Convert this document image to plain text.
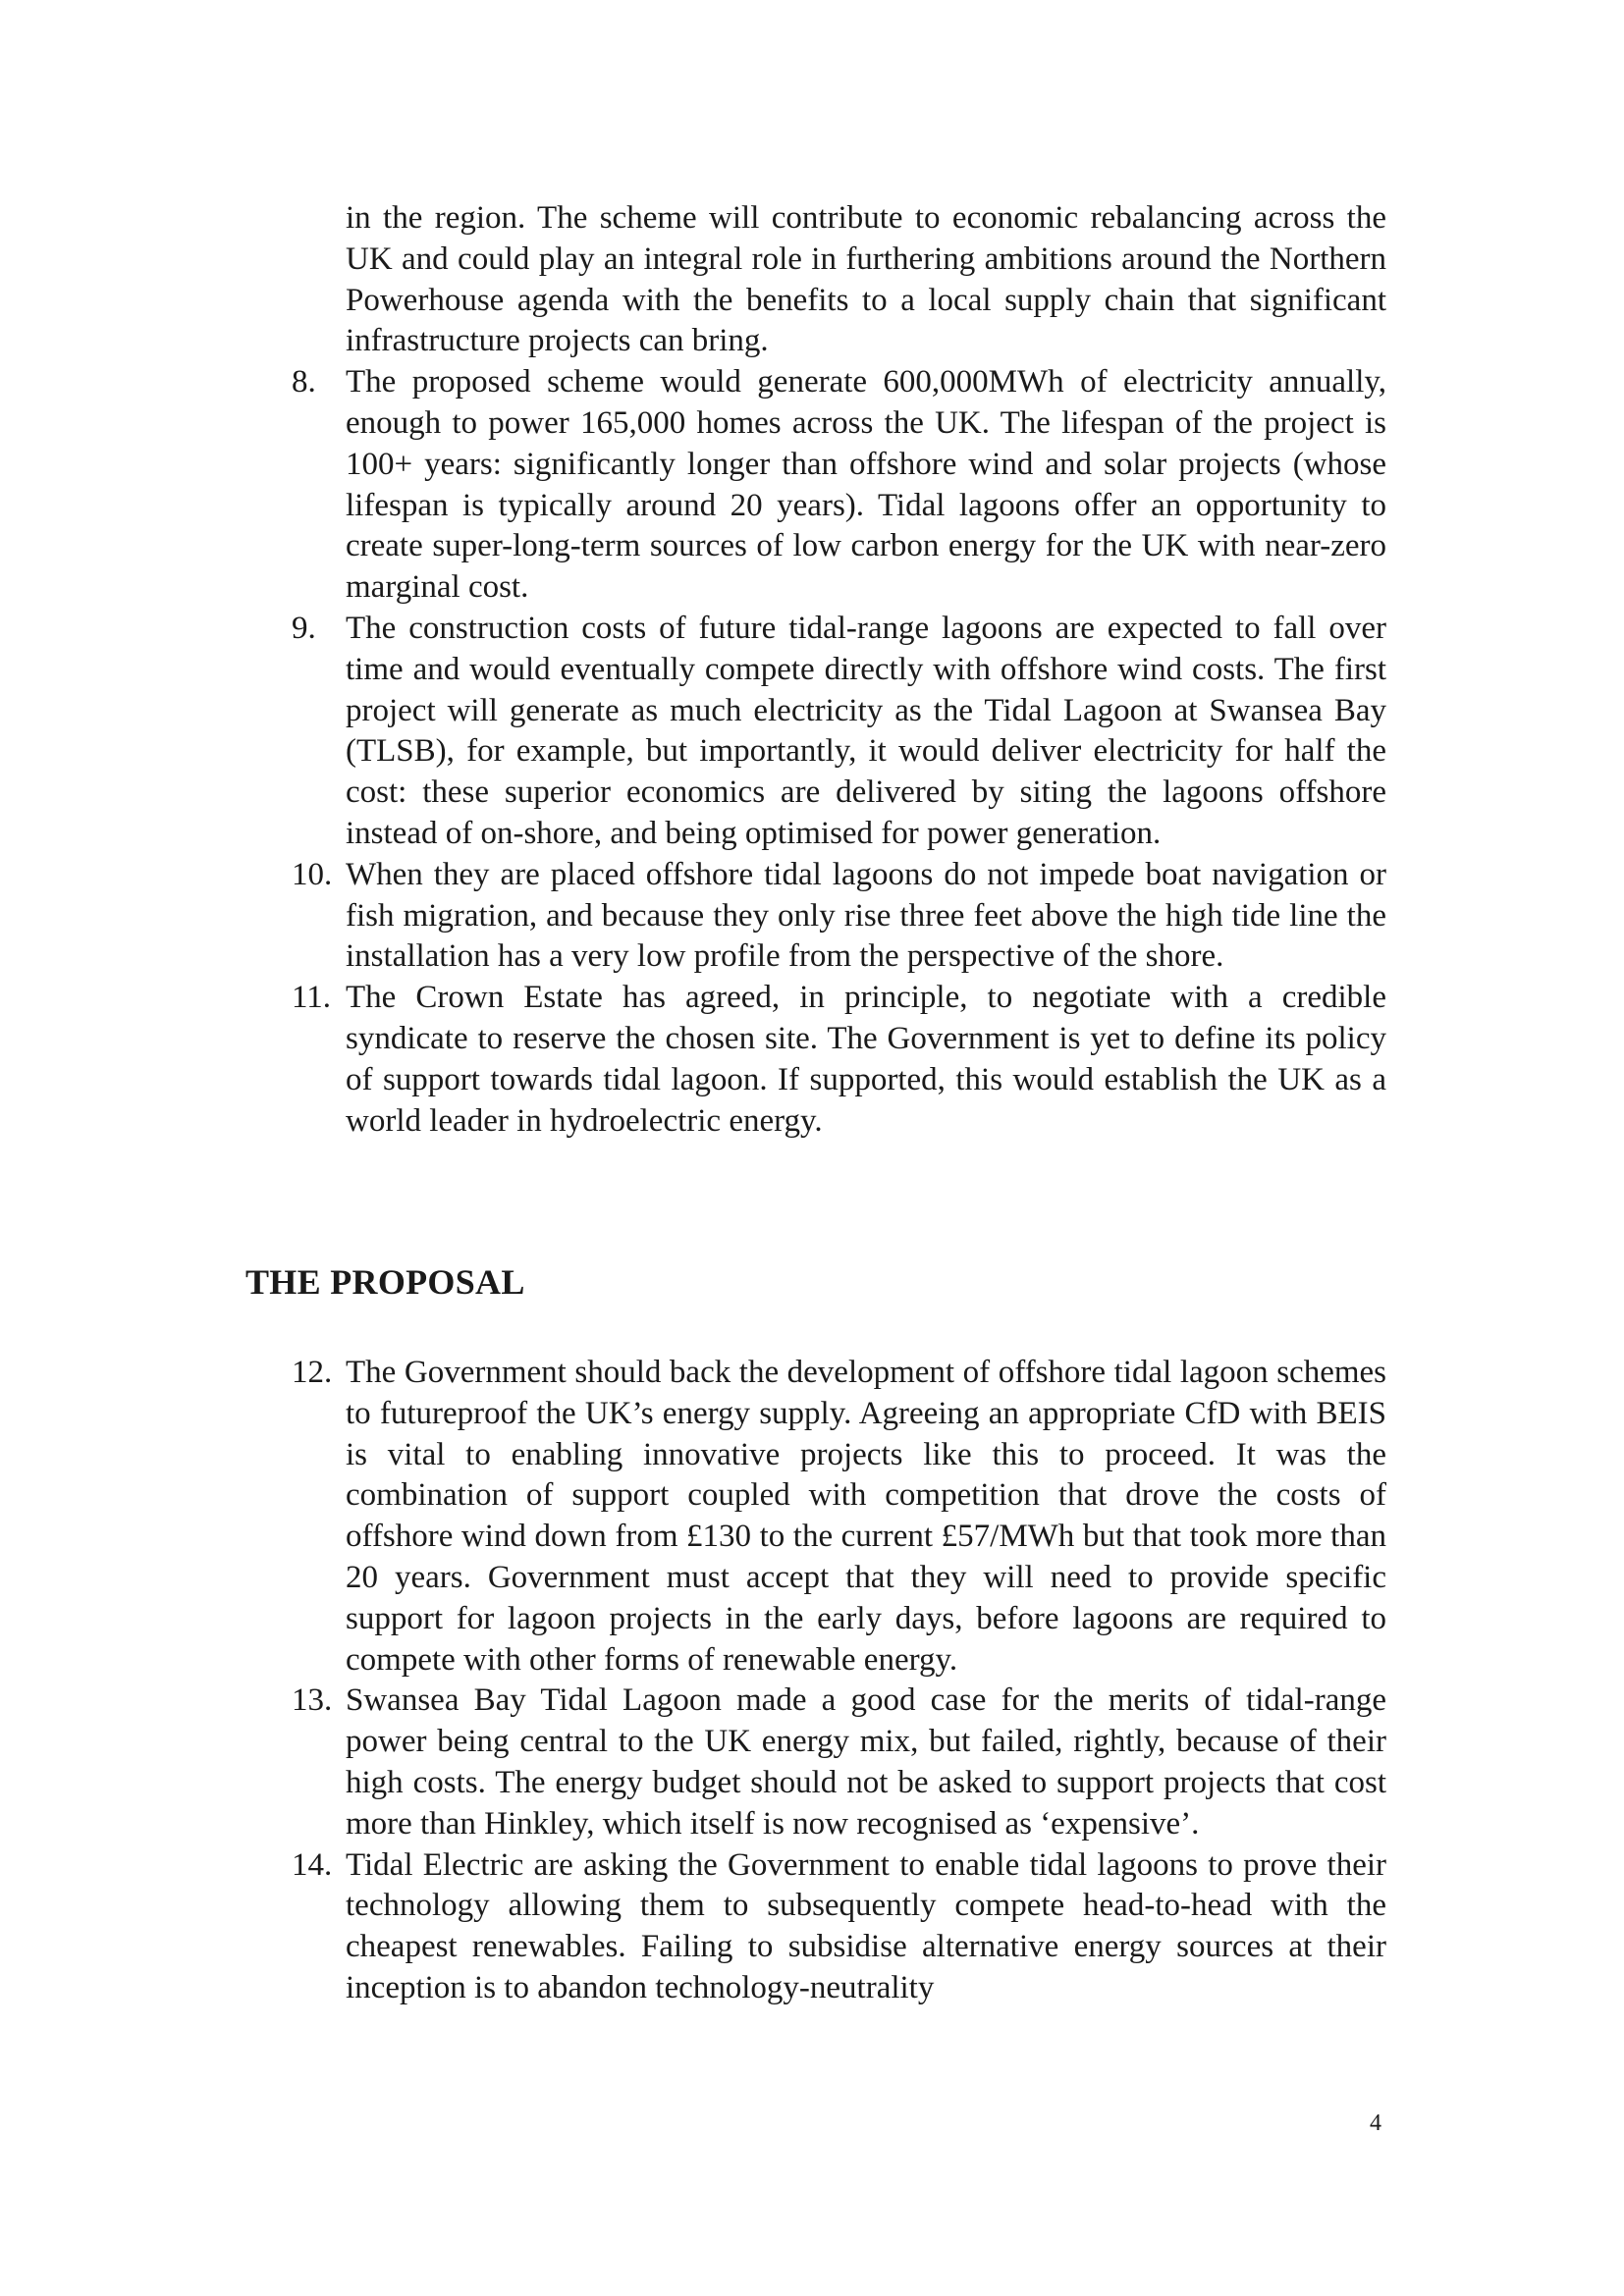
in the region. The scheme will contribute to economic rebalancing across the UK and could play an integral role in furthering ambitions around the Northern Powerhouse agenda with the benefits to a local supply chain that significant infrastructure projects can bring.
8. The proposed scheme would generate 600,000MWh of electricity annually, enough to power 165,000 homes across the UK. The lifespan of the project is 100+ years: significantly longer than offshore wind and solar projects (whose lifespan is typically around 20 years). Tidal lagoons offer an opportunity to create super-long-term sources of low carbon energy for the UK with near-zero marginal cost.
9. The construction costs of future tidal-range lagoons are expected to fall over time and would eventually compete directly with offshore wind costs. The first project will generate as much electricity as the Tidal Lagoon at Swansea Bay (TLSB), for example, but importantly, it would deliver electricity for half the cost: these superior economics are delivered by siting the lagoons offshore instead of on-shore, and being optimised for power generation.
10. When they are placed offshore tidal lagoons do not impede boat navigation or fish migration, and because they only rise three feet above the high tide line the installation has a very low profile from the perspective of the shore.
11. The Crown Estate has agreed, in principle, to negotiate with a credible syndicate to reserve the chosen site. The Government is yet to define its policy of support towards tidal lagoon. If supported, this would establish the UK as a world leader in hydroelectric energy.
THE PROPOSAL
12. The Government should back the development of offshore tidal lagoon schemes to futureproof the UK’s energy supply. Agreeing an appropriate CfD with BEIS is vital to enabling innovative projects like this to proceed. It was the combination of support coupled with competition that drove the costs of offshore wind down from £130 to the current £57/MWh but that took more than 20 years. Government must accept that they will need to provide specific support for lagoon projects in the early days, before lagoons are required to compete with other forms of renewable energy.
13. Swansea Bay Tidal Lagoon made a good case for the merits of tidal-range power being central to the UK energy mix, but failed, rightly, because of their high costs. The energy budget should not be asked to support projects that cost more than Hinkley, which itself is now recognised as ‘expensive’.
14. Tidal Electric are asking the Government to enable tidal lagoons to prove their technology allowing them to subsequently compete head-to-head with the cheapest renewables. Failing to subsidise alternative energy sources at their inception is to abandon technology-neutrality
4
